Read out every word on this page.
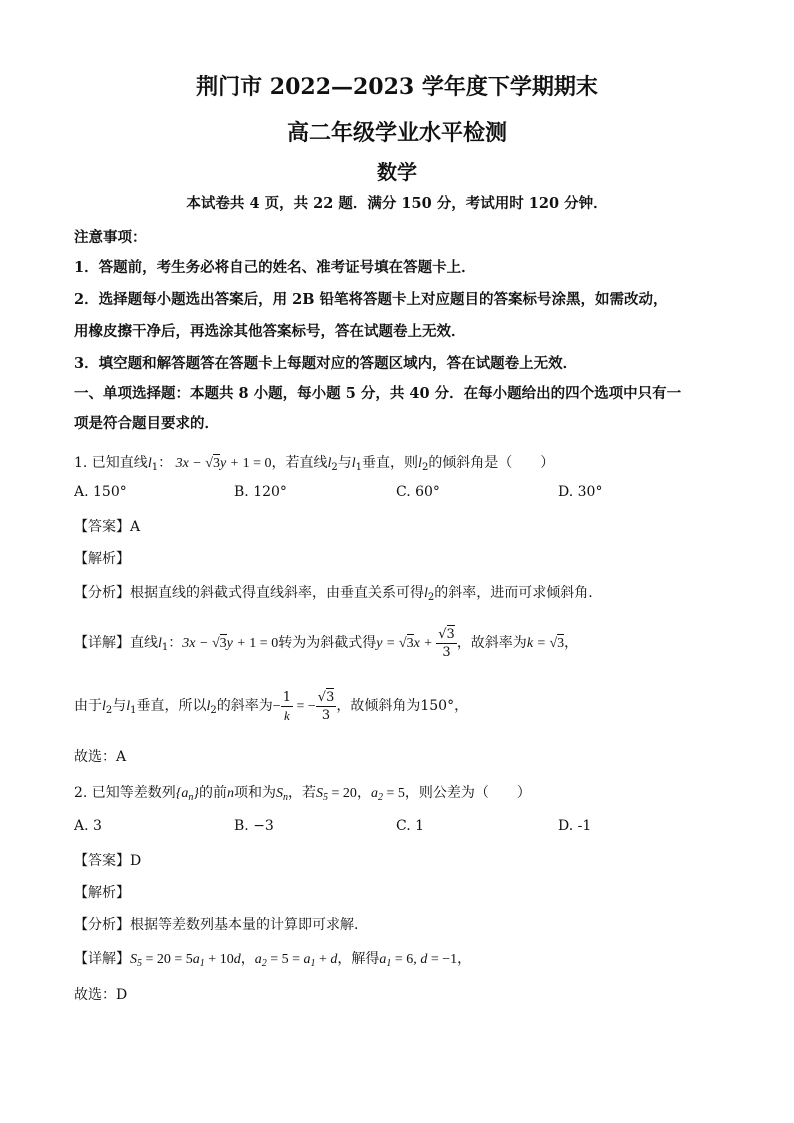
荆门市 2022—2023 学年度下学期期末
高二年级学业水平检测
数学
本试卷共 4 页，共 22 题．满分 150 分，考试用时 120 分钟．
注意事项：
1．答题前，考生务必将自己的姓名、准考证号填在答题卡上．
2．选择题每小题选出答案后，用 2B 铅笔将答题卡上对应题目的答案标号涂黑，如需改动，
用橡皮擦干净后，再选涂其他答案标号，答在试题卷上无效．
3．填空题和解答题答在答题卡上每题对应的答题区域内，答在试题卷上无效．
一、单项选择题：本题共 8 小题，每小题 5 分，共 40 分．在每小题给出的四个选项中只有一
项是符合题目要求的．
1. 已知直线$l_1$： 3x − √3y + 1 = 0，若直线$l_2$与$l_1$垂直，则$l_2$的倾斜角是（　　）
A. 150°	B. 120°	C. 60°	D. 30°
【答案】A
【解析】
【分析】根据直线的斜截式得直线斜率，由垂直关系可得$l_2$的斜率，进而可求倾斜角.
【详解】直线$l_1$：3x − √3y + 1 = 0转为为斜截式得$y = √3x + \frac{√3}{3}$ ，故斜率为k = √3，
由于$l_2$与$l_1$垂直，所以$l_2$的斜率为− $\frac{1}{k}$ = − $\frac{√3}{3}$ ，故倾斜角为150°，
故选：A
2. 已知等差数列$\{a_n\}$的前n项和为$S_n$，若$S_5 = 20$，$a_2 = 5$，则公差为（　　）
A. 3	B. −3	C. 1	D. -1
【答案】D
【解析】
【分析】根据等差数列基本量的计算即可求解.
【详解】$S_5 = 20 = 5a_1 + 10d$，$a_2 = 5 = a_1 + d$，解得$a_1 = 6$, d = −1，
故选：D
